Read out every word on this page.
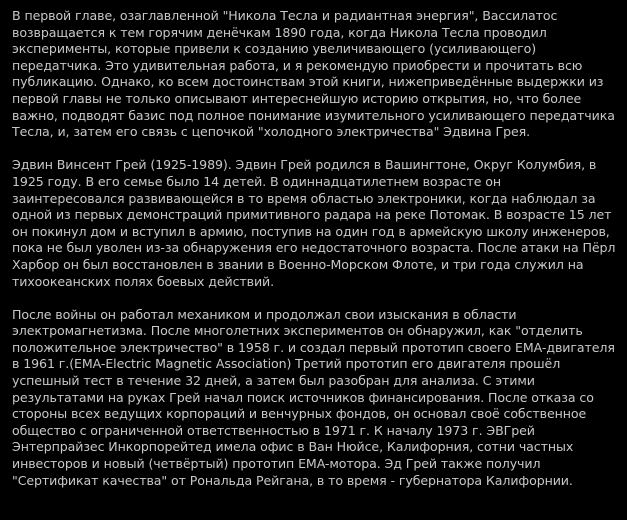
В первой главе, озаглавленной "Никола Тесла и радиантная энергия", Вассилатос возвращается к тем горячим денёчкам 1890 года, когда Никола Тесла проводил эксперименты, которые привели к созданию увеличивающего (усиливающего) передатчика. Это удивительная работа, и я рекомендую приобрести и прочитать всю публикацию. Однако, ко всем достоинствам этой книги, нижеприведённые выдержки из первой главы не только описывают интереснейшую историю открытия, но, что более важно, подводят базис под полное понимание изумительного усиливающего передатчика Тесла, и, затем его связь с цепочкой "холодного электричества" Эдвина Грея.

Эдвин Винсент Грей (1925-1989). Эдвин Грей родился в Вашингтоне, Округ Колумбия, в 1925 году. В его семье было 14 детей. В одиннадцатилетнем возрасте он заинтересовался развивающейся в то время областью электроники, когда наблюдал за одной из первых демонстраций примитивного радара на реке Потомак. В возрасте 15 лет он покинул дом и вступил в армию, поступив на один год в армейскую школу инженеров, пока не был уволен из-за обнаружения его недостаточного возраста. После атаки на Пёрл Харбор он был восстановлен в звании в Военно-Морском Флоте, и три года служил на тихоокеанских полях боевых действий.

После войны он работал механиком и продолжал свои изыскания в области электромагнетизма. После многолетних экспериментов он обнаружил, как "отделить положительное электричество" в 1958 г. и создал первый прототип своего EMA-двигателя в 1961 г.(EMA-Electric Magnetic Association) Третий прототип его двигателя прошёл успешный тест в течение 32 дней, а затем был разобран для анализа. С этими результатами на руках Грей начал поиск источников финансирования. После отказа со стороны всех ведущих корпораций и венчурных фондов, он основал своё собственное общество с ограниченной ответственностью в 1971 г. К началу 1973 г. ЭВГрей Энтерпрайзес Инкорпорейтед имела офис в Ван Нюйсе, Калифорния, сотни частных инвесторов и новый (четвёртый) прототип EMA-мотора. Эд Грей также получил "Сертификат качества" от Рональда Рейгана, в то время - губернатора Калифорнии.
